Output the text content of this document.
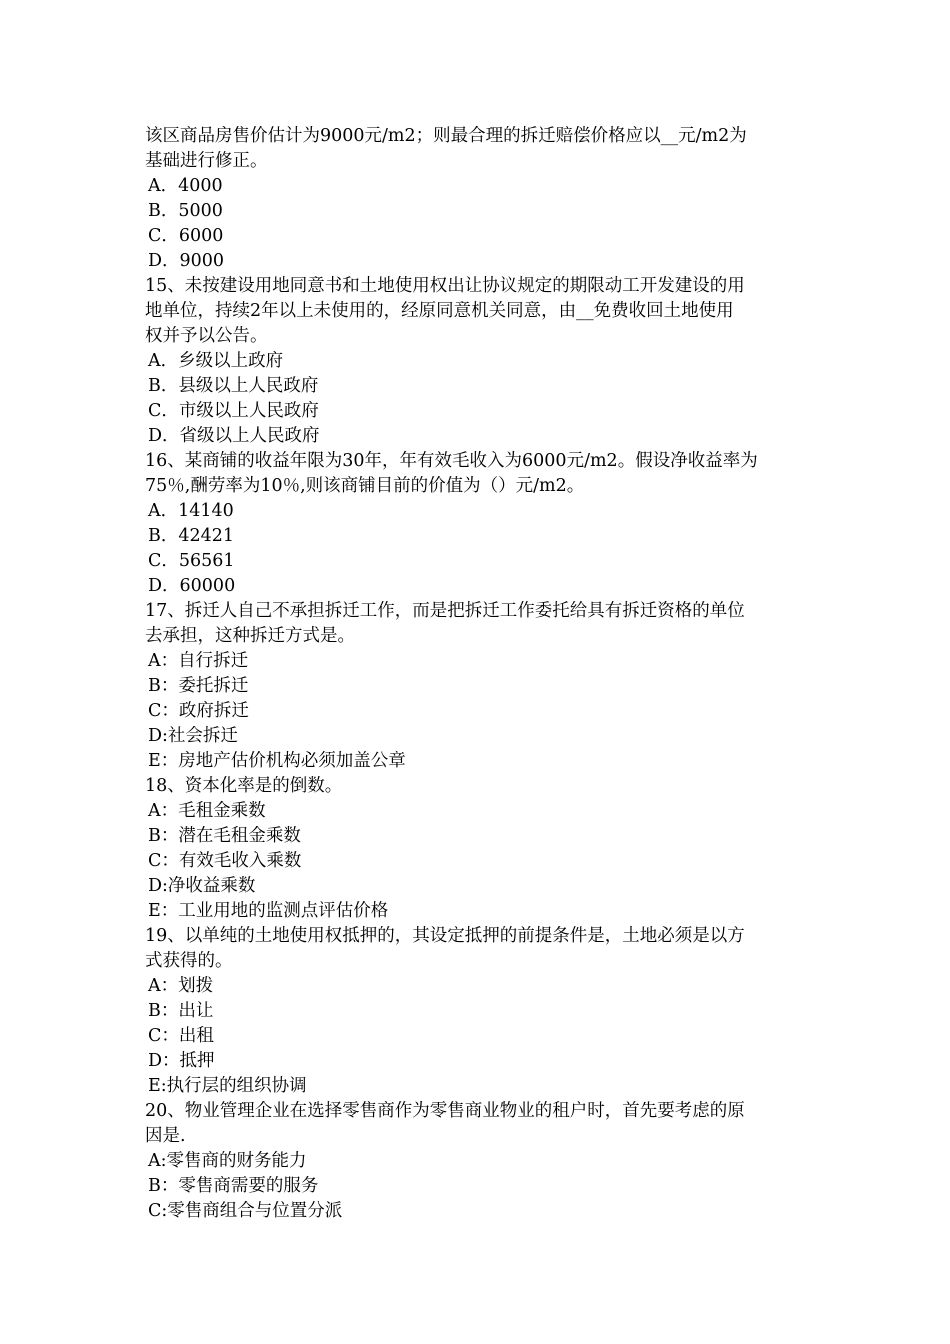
该区商品房售价估计为9000元/m2；则最合理的拆迁赔偿价格应以__元/m2为
基础进行修正。
A．4000
B．5000
C．6000
D．9000
15、未按建设用地同意书和土地使用权出让协议规定的期限动工开发建设的用
地单位，持续2年以上未使用的，经原同意机关同意，由__免费收回土地使用
权并予以公告。
A．乡级以上政府
B．县级以上人民政府
C．市级以上人民政府
D．省级以上人民政府
16、某商铺的收益年限为30年，年有效毛收入为6000元/m2。假设净收益率为
75％,酬劳率为10％,则该商铺目前的价值为（）元/m2。
A．14140
B．42421
C．56561
D．60000
17、拆迁人自己不承担拆迁工作，而是把拆迁工作委托给具有拆迁资格的单位
去承担，这种拆迁方式是。
A：自行拆迁
B：委托拆迁
C：政府拆迁
D:社会拆迁
E：房地产估价机构必须加盖公章
18、资本化率是的倒数。
A：毛租金乘数
B：潜在毛租金乘数
C：有效毛收入乘数
D:净收益乘数
E：工业用地的监测点评估价格
19、以单纯的土地使用权抵押的，其设定抵押的前提条件是，土地必须是以方
式获得的。
A：划拨
B：出让
C：出租
D：抵押
E:执行层的组织协调
20、物业管理企业在选择零售商作为零售商业物业的租户时，首先要考虑的原
因是.
A:零售商的财务能力
B：零售商需要的服务
C:零售商组合与位置分派
